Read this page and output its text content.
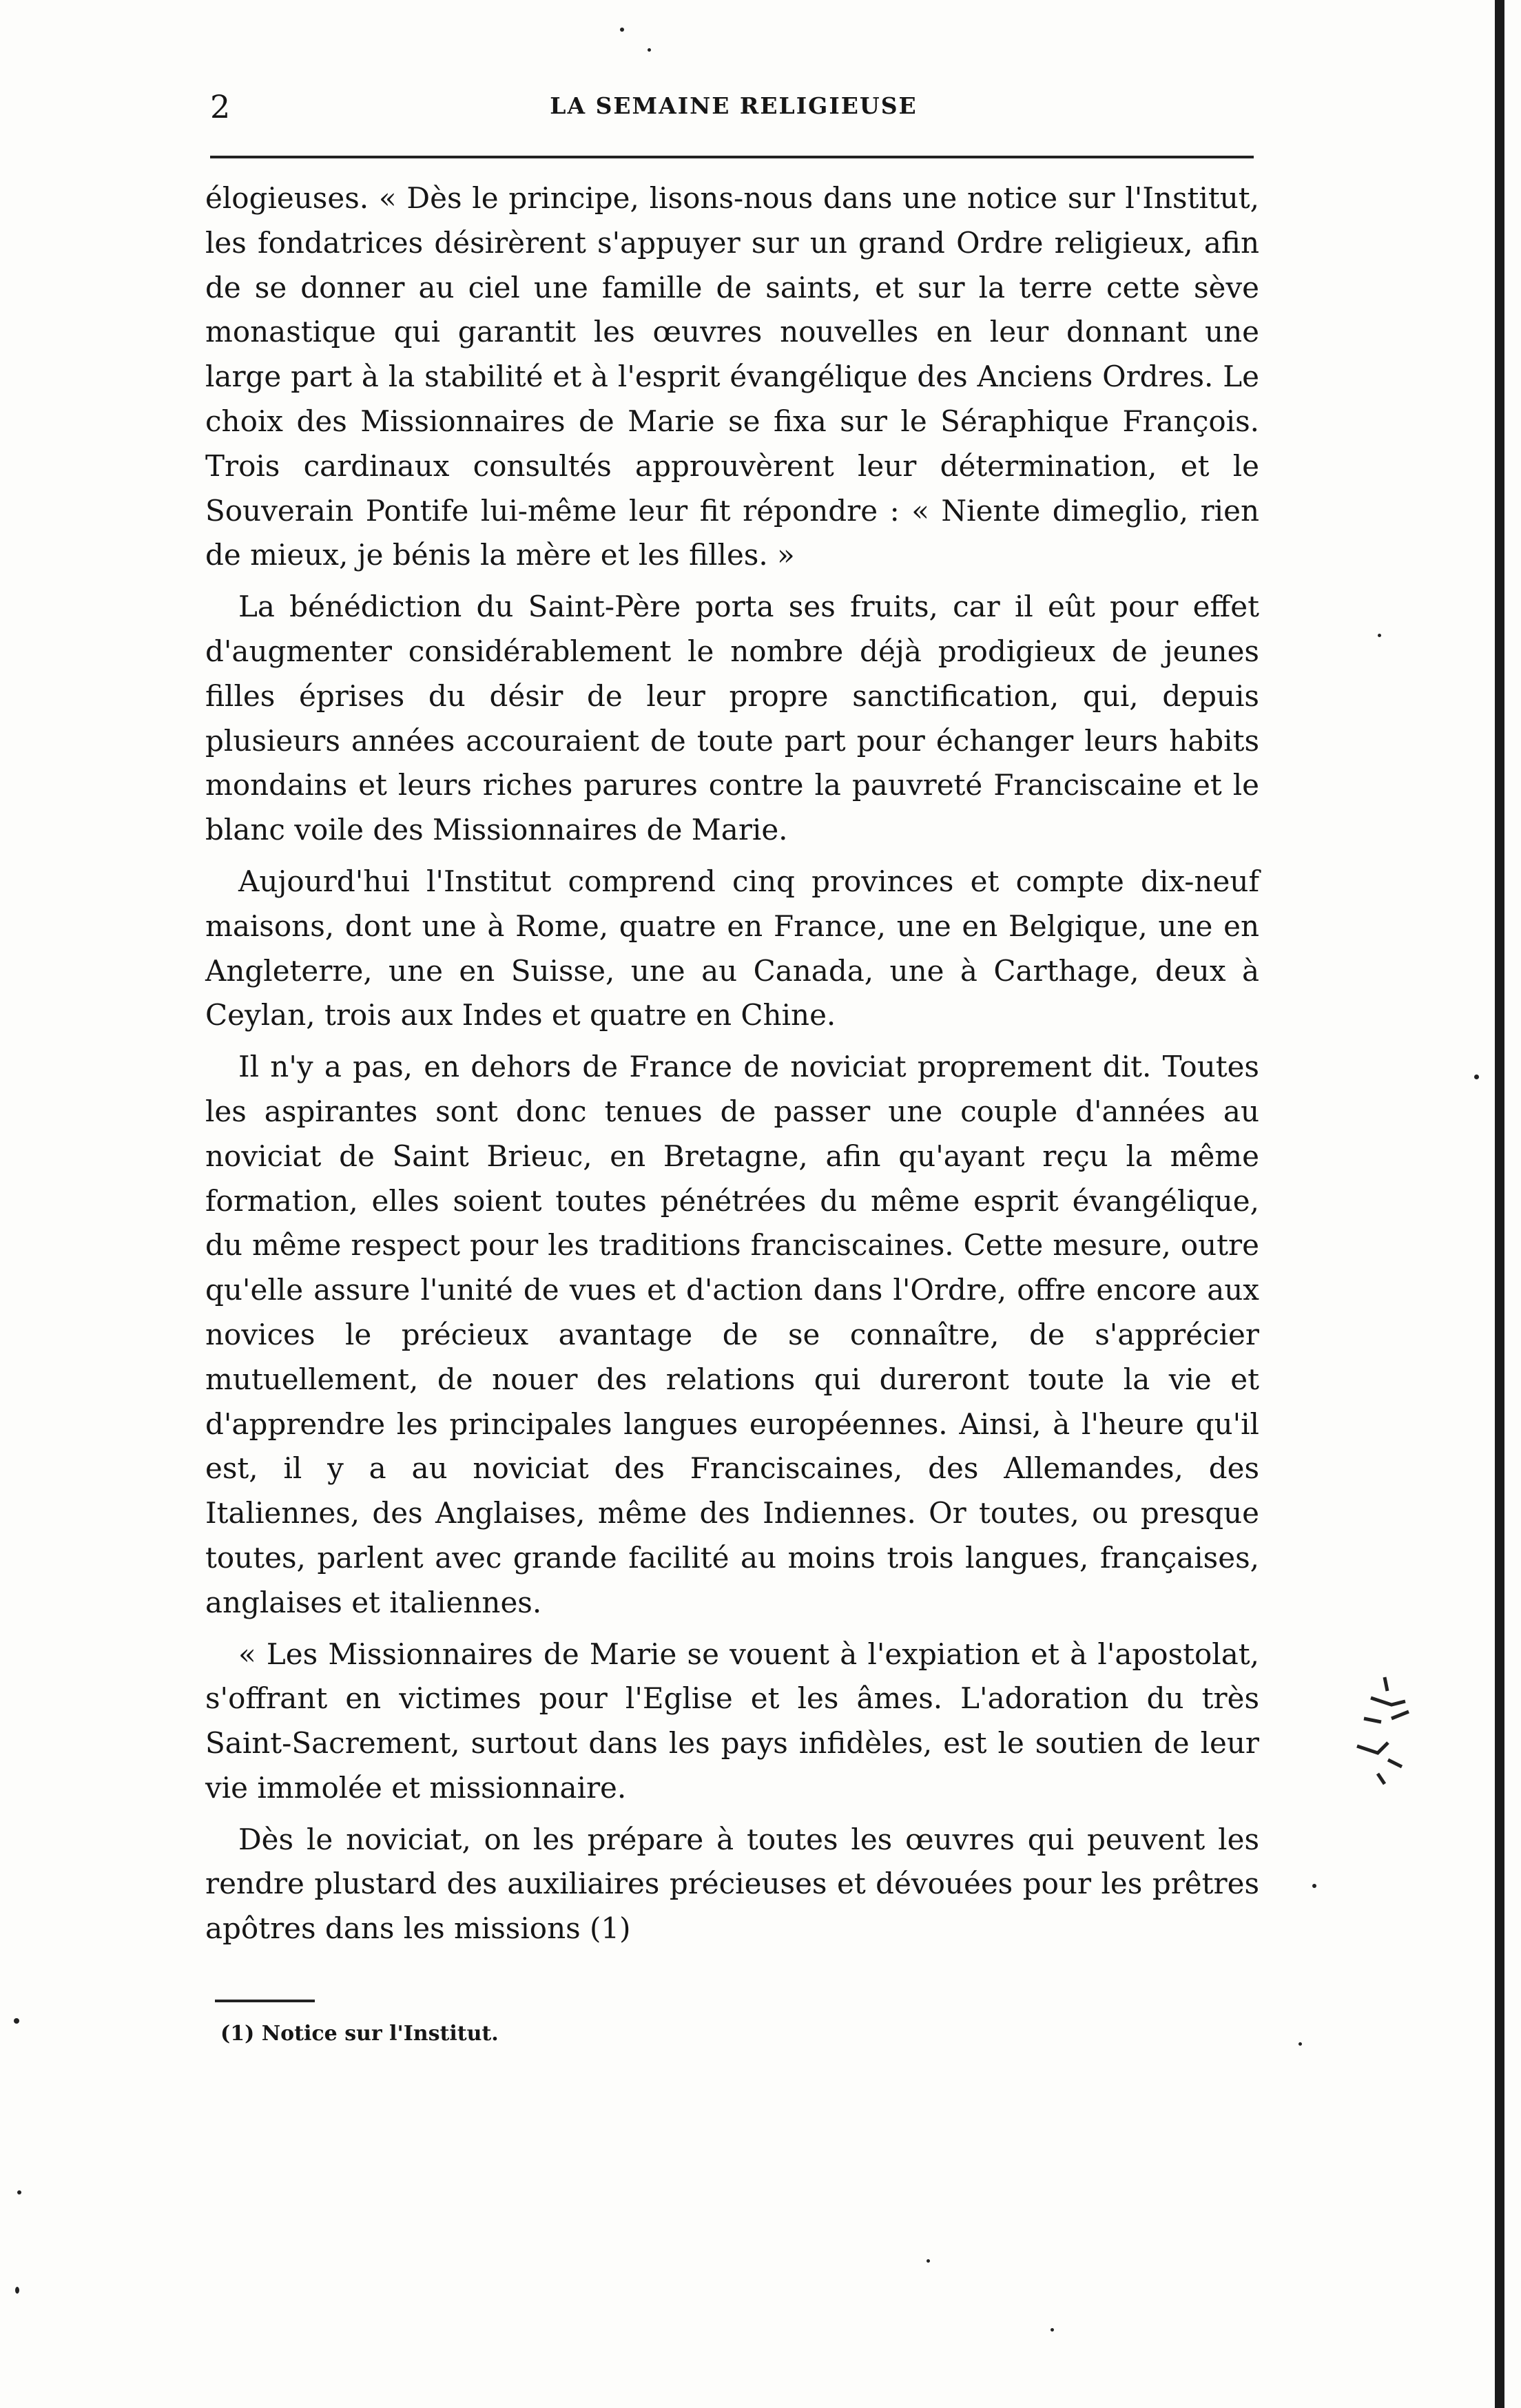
2	LA SEMAINE RELIGIEUSE

élogieuses. « Dès le principe, lisons-nous dans une notice sur l'Institut, les fondatrices désirèrent s'appuyer sur un grand Ordre religieux, afin de se donner au ciel une famille de saints, et sur la terre cette sève monastique qui garantit les œuvres nouvelles en leur donnant une large part à la stabilité et à l'esprit évangélique des Anciens Ordres. Le choix des Missionnaires de Marie se fixa sur le Séraphique François. Trois cardinaux consultés approuvèrent leur détermination, et le Souverain Pontife lui-même leur fit répondre : « Niente dimeglio, rien de mieux, je bénis la mère et les filles. »

La bénédiction du Saint-Père porta ses fruits, car il eût pour effet d'augmenter considérablement le nombre déjà prodigieux de jeunes filles éprises du désir de leur propre sanctification, qui, depuis plusieurs années accouraient de toute part pour échanger leurs habits mondains et leurs riches parures contre la pauvreté Franciscaine et le blanc voile des Missionnaires de Marie.

Aujourd'hui l'Institut comprend cinq provinces et compte dix-neuf maisons, dont une à Rome, quatre en France, une en Belgique, une en Angleterre, une en Suisse, une au Canada, une à Carthage, deux à Ceylan, trois aux Indes et quatre en Chine.

Il n'y a pas, en dehors de France de noviciat proprement dit. Toutes les aspirantes sont donc tenues de passer une couple d'années au noviciat de Saint Brieuc, en Bretagne, afin qu'ayant reçu la même formation, elles soient toutes pénétrées du même esprit évangélique, du même respect pour les traditions franciscaines. Cette mesure, outre qu'elle assure l'unité de vues et d'action dans l'Ordre, offre encore aux novices le précieux avantage de se connaître, de s'apprécier mutuellement, de nouer des relations qui dureront toute la vie et d'apprendre les principales langues européennes. Ainsi, à l'heure qu'il est, il y a au noviciat des Franciscaines, des Allemandes, des Italiennes, des Anglaises, même des Indiennes. Or toutes, ou presque toutes, parlent avec grande facilité au moins trois langues, françaises, anglaises et italiennes.

« Les Missionnaires de Marie se vouent à l'expiation et à l'apostolat, s'offrant en victimes pour l'Eglise et les âmes. L'adoration du très Saint-Sacrement, surtout dans les pays infidèles, est le soutien de leur vie immolée et missionnaire.

Dès le noviciat, on les prépare à toutes les œuvres qui peuvent les rendre plustard des auxiliaires précieuses et dévouées pour les prêtres apôtres dans les missions (1)

(1) Notice sur l'Institut.
